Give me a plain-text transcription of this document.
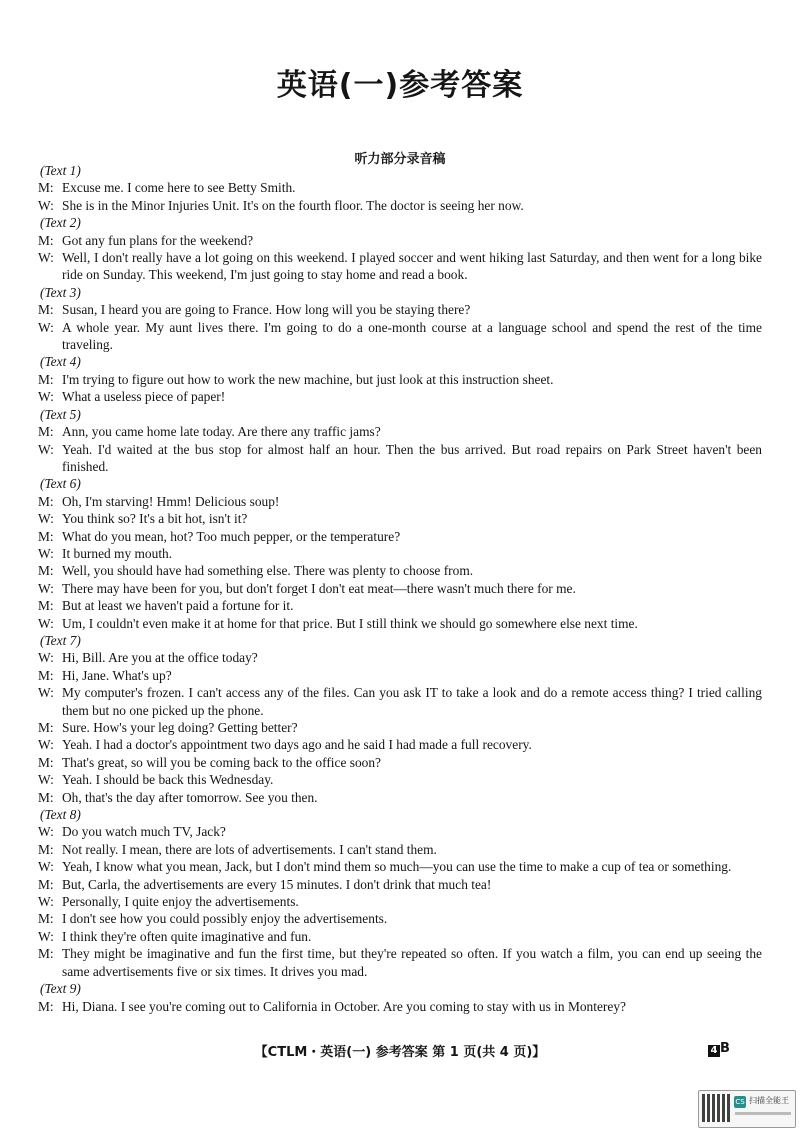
英语(一)参考答案
听力部分录音稿
(Text 1)
M: Excuse me. I come here to see Betty Smith.
W: She is in the Minor Injuries Unit. It's on the fourth floor. The doctor is seeing her now.
(Text 2)
M: Got any fun plans for the weekend?
W: Well, I don't really have a lot going on this weekend. I played soccer and went hiking last Saturday, and then went for a long bike ride on Sunday. This weekend, I'm just going to stay home and read a book.
(Text 3)
M: Susan, I heard you are going to France. How long will you be staying there?
W: A whole year. My aunt lives there. I'm going to do a one-month course at a language school and spend the rest of the time traveling.
(Text 4)
M: I'm trying to figure out how to work the new machine, but just look at this instruction sheet.
W: What a useless piece of paper!
(Text 5)
M: Ann, you came home late today. Are there any traffic jams?
W: Yeah. I'd waited at the bus stop for almost half an hour. Then the bus arrived. But road repairs on Park Street haven't been finished.
(Text 6)
M: Oh, I'm starving! Hmm! Delicious soup!
W: You think so? It's a bit hot, isn't it?
M: What do you mean, hot? Too much pepper, or the temperature?
W: It burned my mouth.
M: Well, you should have had something else. There was plenty to choose from.
W: There may have been for you, but don't forget I don't eat meat—there wasn't much there for me.
M: But at least we haven't paid a fortune for it.
W: Um, I couldn't even make it at home for that price. But I still think we should go somewhere else next time.
(Text 7)
W: Hi, Bill. Are you at the office today?
M: Hi, Jane. What's up?
W: My computer's frozen. I can't access any of the files. Can you ask IT to take a look and do a remote access thing? I tried calling them but no one picked up the phone.
M: Sure. How's your leg doing? Getting better?
W: Yeah. I had a doctor's appointment two days ago and he said I had made a full recovery.
M: That's great, so will you be coming back to the office soon?
W: Yeah. I should be back this Wednesday.
M: Oh, that's the day after tomorrow. See you then.
(Text 8)
W: Do you watch much TV, Jack?
M: Not really. I mean, there are lots of advertisements. I can't stand them.
W: Yeah, I know what you mean, Jack, but I don't mind them so much—you can use the time to make a cup of tea or something.
M: But, Carla, the advertisements are every 15 minutes. I don't drink that much tea!
W: Personally, I quite enjoy the advertisements.
M: I don't see how you could possibly enjoy the advertisements.
W: I think they're often quite imaginative and fun.
M: They might be imaginative and fun the first time, but they're repeated so often. If you watch a film, you can end up seeing the same advertisements five or six times. It drives you mad.
(Text 9)
M: Hi, Diana. I see you're coming out to California in October. Are you coming to stay with us in Monterey?
【CTLM・英语(一) 参考答案 第 1 页(共 4 页)】	4 B
CS 扫描全能王
